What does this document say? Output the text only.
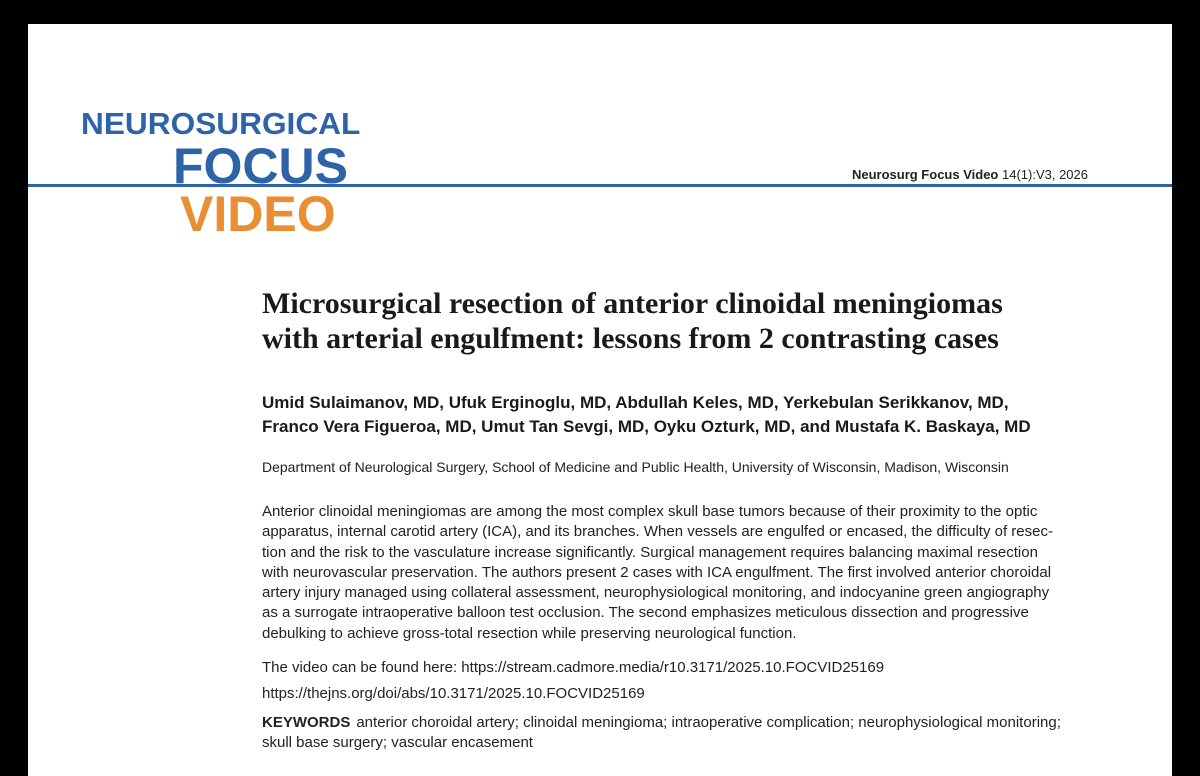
NEUROSURGICAL
FOCUS
VIDEO
Neurosurg Focus Video 14(1):V3, 2026
Microsurgical resection of anterior clinoidal meningiomas
with arterial engulfment: lessons from 2 contrasting cases
Umid Sulaimanov, MD, Ufuk Erginoglu, MD, Abdullah Keles, MD, Yerkebulan Serikkanov, MD,
Franco Vera Figueroa, MD, Umut Tan Sevgi, MD, Oyku Ozturk, MD, and Mustafa K. Baskaya, MD
Department of Neurological Surgery, School of Medicine and Public Health, University of Wisconsin, Madison, Wisconsin

Anterior clinoidal meningiomas are among the most complex skull base tumors because of their proximity to the optic
apparatus, internal carotid artery (ICA), and its branches. When vessels are engulfed or encased, the difficulty of resec-
tion and the risk to the vasculature increase significantly. Surgical management requires balancing maximal resection
with neurovascular preservation. The authors present 2 cases with ICA engulfment. The first involved anterior choroidal
artery injury managed using collateral assessment, neurophysiological monitoring, and indocyanine green angiography
as a surrogate intraoperative balloon test occlusion. The second emphasizes meticulous dissection and progressive
debulking to achieve gross-total resection while preserving neurological function.

The video can be found here: https://stream.cadmore.media/r10.3171/2025.10.FOCVID25169
https://thejns.org/doi/abs/10.3171/2025.10.FOCVID25169
KEYWORDS anterior choroidal artery; clinoidal meningioma; intraoperative complication; neurophysiological monitoring; skull base surgery; vascular encasement
